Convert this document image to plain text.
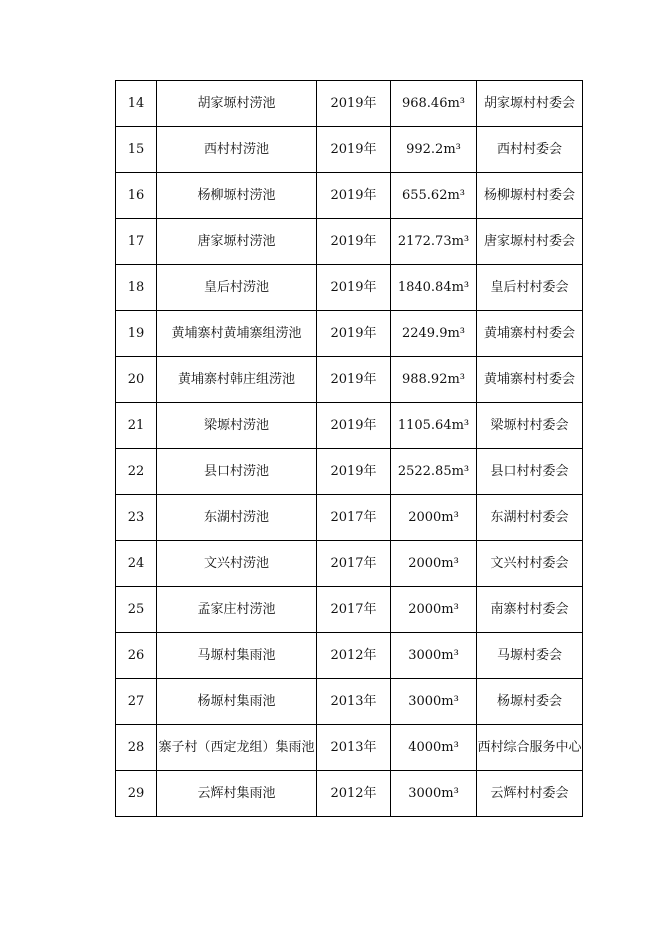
14	胡家塬村涝池	2019年	968.46m³	胡家塬村村委会
15	西村村涝池	2019年	992.2m³	西村村委会
16	杨柳塬村涝池	2019年	655.62m³	杨柳塬村村委会
17	唐家塬村涝池	2019年	2172.73m³	唐家塬村村委会
18	皇后村涝池	2019年	1840.84m³	皇后村村委会
19	黄埔寨村黄埔寨组涝池	2019年	2249.9m³	黄埔寨村村委会
20	黄埔寨村韩庄组涝池	2019年	988.92m³	黄埔寨村村委会
21	梁塬村涝池	2019年	1105.64m³	梁塬村村委会
22	县口村涝池	2019年	2522.85m³	县口村村委会
23	东湖村涝池	2017年	2000m³	东湖村村委会
24	文兴村涝池	2017年	2000m³	文兴村村委会
25	孟家庄村涝池	2017年	2000m³	南寨村村委会
26	马塬村集雨池	2012年	3000m³	马塬村委会
27	杨塬村集雨池	2013年	3000m³	杨塬村委会
28	寨子村（西定龙组）集雨池	2013年	4000m³	西村综合服务中心
29	云辉村集雨池	2012年	3000m³	云辉村村委会
